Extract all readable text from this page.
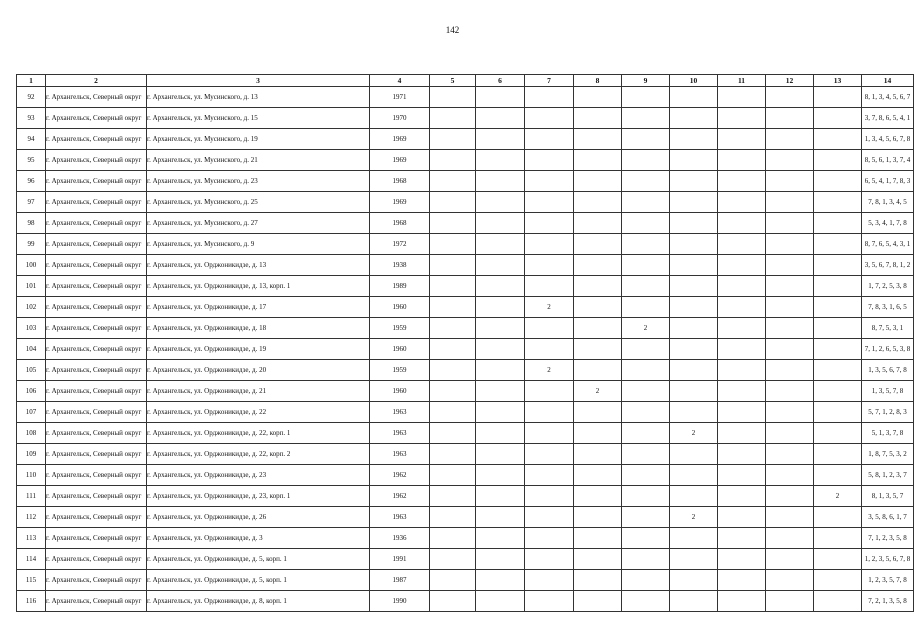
142
1	2	3	4	5	6	7	8	9	10	11	12	13	14
92	г. Архангельск, Северный округ	г. Архангельск, ул. Мусинского, д. 13	1971										8, 1, 3, 4, 5, 6, 7
93	г. Архангельск, Северный округ	г. Архангельск, ул. Мусинского, д. 15	1970										3, 7, 8, 6, 5, 4, 1
94	г. Архангельск, Северный округ	г. Архангельск, ул. Мусинского, д. 19	1969										1, 3, 4, 5, 6, 7, 8
95	г. Архангельск, Северный округ	г. Архангельск, ул. Мусинского, д. 21	1969										8, 5, 6, 1, 3, 7, 4
96	г. Архангельск, Северный округ	г. Архангельск, ул. Мусинского, д. 23	1968										6, 5, 4, 1, 7, 8, 3
97	г. Архангельск, Северный округ	г. Архангельск, ул. Мусинского, д. 25	1969										7, 8, 1, 3, 4, 5
98	г. Архангельск, Северный округ	г. Архангельск, ул. Мусинского, д. 27	1968										5, 3, 4, 1, 7, 8
99	г. Архангельск, Северный округ	г. Архангельск, ул. Мусинского, д. 9	1972										8, 7, 6, 5, 4, 3, 1
100	г. Архангельск, Северный округ	г. Архангельск, ул. Орджоникидзе, д. 13	1938										3, 5, 6, 7, 8, 1, 2
101	г. Архангельск, Северный округ	г. Архангельск, ул. Орджоникидзе, д. 13, корп. 1	1989										1, 7, 2, 5, 3, 8
102	г. Архангельск, Северный округ	г. Архангельск, ул. Орджоникидзе, д. 17	1960			2							7, 8, 3, 1, 6, 5
103	г. Архангельск, Северный округ	г. Архангельск, ул. Орджоникидзе, д. 18	1959					2					8, 7, 5, 3, 1
104	г. Архангельск, Северный округ	г. Архангельск, ул. Орджоникидзе, д. 19	1960										7, 1, 2, 6, 5, 3, 8
105	г. Архангельск, Северный округ	г. Архангельск, ул. Орджоникидзе, д. 20	1959			2							1, 3, 5, 6, 7, 8
106	г. Архангельск, Северный округ	г. Архангельск, ул. Орджоникидзе, д. 21	1960				2						1, 3, 5, 7, 8
107	г. Архангельск, Северный округ	г. Архангельск, ул. Орджоникидзе, д. 22	1963										5, 7, 1, 2, 8, 3
108	г. Архангельск, Северный округ	г. Архангельск, ул. Орджоникидзе, д. 22, корп. 1	1963						2				5, 1, 3, 7, 8
109	г. Архангельск, Северный округ	г. Архангельск, ул. Орджоникидзе, д. 22, корп. 2	1963										1, 8, 7, 5, 3, 2
110	г. Архангельск, Северный округ	г. Архангельск, ул. Орджоникидзе, д. 23	1962										5, 8, 1, 2, 3, 7
111	г. Архангельск, Северный округ	г. Архангельск, ул. Орджоникидзе, д. 23, корп. 1	1962									2	8, 1, 3, 5, 7
112	г. Архангельск, Северный округ	г. Архангельск, ул. Орджоникидзе, д. 26	1963						2				3, 5, 8, 6, 1, 7
113	г. Архангельск, Северный округ	г. Архангельск, ул. Орджоникидзе, д. 3	1936										7, 1, 2, 3, 5, 8
114	г. Архангельск, Северный округ	г. Архангельск, ул. Орджоникидзе, д. 5, корп. 1	1991										1, 2, 3, 5, 6, 7, 8
115	г. Архангельск, Северный округ	г. Архангельск, ул. Орджоникидзе, д. 5, корп. 1	1987										1, 2, 3, 5, 7, 8
116	г. Архангельск, Северный округ	г. Архангельск, ул. Орджоникидзе, д. 8, корп. 1	1990										7, 2, 1, 3, 5, 8
